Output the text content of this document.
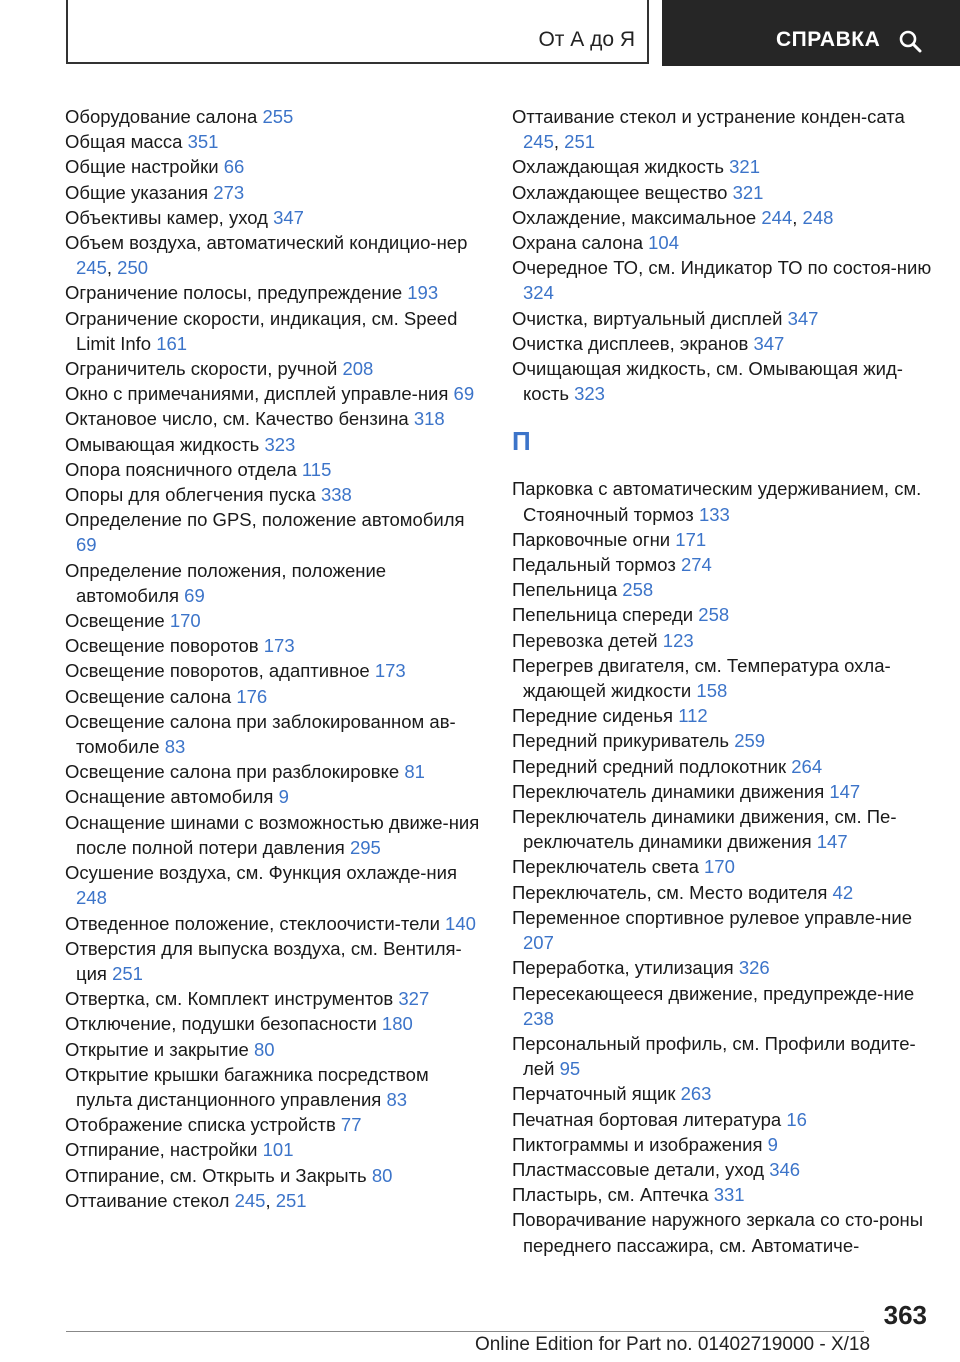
От А до Я	СПРАВКА
Оборудование салона 255
Общая масса 351
Общие настройки 66
Общие указания 273
Объективы камер, уход 347
Объем воздуха, автоматический кондицио-нер 245, 250
Ограничение полосы, предупреждение 193
Ограничение скорости, индикация, см. Speed Limit Info 161
Ограничитель скорости, ручной 208
Окно с примечаниями, дисплей управле-ния 69
Октановое число, см. Качество бензина 318
Омывающая жидкость 323
Опора поясничного отдела 115
Опоры для облегчения пуска 338
Определение по GPS, положение автомобиля 69
Определение положения, положение автомобиля 69
Освещение 170
Освещение поворотов 173
Освещение поворотов, адаптивное 173
Освещение салона 176
Освещение салона при заблокированном ав-томобиле 83
Освещение салона при разблокировке 81
Оснащение автомобиля 9
Оснащение шинами с возможностью движе-ния после полной потери давления 295
Осушение воздуха, см. Функция охлажде-ния 248
Отведенное положение, стеклоочисти-тели 140
Отверстия для выпуска воздуха, см. Вентиля-ция 251
Отвертка, см. Комплект инструментов 327
Отключение, подушки безопасности 180
Открытие и закрытие 80
Открытие крышки багажника посредством пульта дистанционного управления 83
Отображение списка устройств 77
Отпирание, настройки 101
Отпирание, см. Открыть и Закрыть 80
Оттаивание стекол 245, 251
Оттаивание стекол и устранение конден-сата 245, 251
Охлаждающая жидкость 321
Охлаждающее вещество 321
Охлаждение, максимальное 244, 248
Охрана салона 104
Очередное ТО, см. Индикатор ТО по состоя-нию 324
Очистка, виртуальный дисплей 347
Очистка дисплеев, экранов 347
Очищающая жидкость, см. Омывающая жид-кость 323
П
Парковка с автоматическим удерживанием, см. Стояночный тормоз 133
Парковочные огни 171
Педальный тормоз 274
Пепельница 258
Пепельница спереди 258
Перевозка детей 123
Перегрев двигателя, см. Температура охла-ждающей жидкости 158
Передние сиденья 112
Передний прикуриватель 259
Передний средний подлокотник 264
Переключатель динамики движения 147
Переключатель динамики движения, см. Пе-реключатель динамики движения 147
Переключатель света 170
Переключатель, см. Место водителя 42
Переменное спортивное рулевое управле-ние 207
Переработка, утилизация 326
Пересекающееся движение, предупрежде-ние 238
Персональный профиль, см. Профили водите-лей 95
Перчаточный ящик 263
Печатная бортовая литература 16
Пиктограммы и изображения 9
Пластмассовые детали, уход 346
Пластырь, см. Аптечка 331
Поворачивание наружного зеркала со сто-роны переднего пассажира, см. Автоматиче-
363
Online Edition for Part no. 01402719000 - X/18
